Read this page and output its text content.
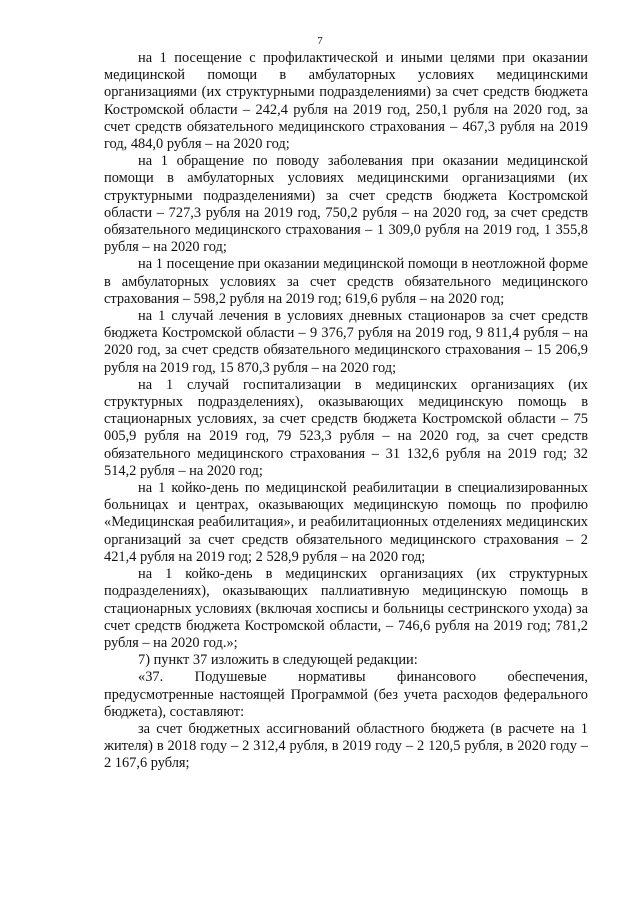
7

на 1 посещение с профилактической и иными целями при оказании медицинской помощи в амбулаторных условиях медицинскими организациями (их структурными подразделениями) за счет средств бюджета Костромской области – 242,4 рубля на 2019 год, 250,1 рубля на 2020 год, за счет средств обязательного медицинского страхования – 467,3 рубля на 2019 год, 484,0 рубля – на 2020 год;

на 1 обращение по поводу заболевания при оказании медицинской помощи в амбулаторных условиях медицинскими организациями (их структурными подразделениями) за счет средств бюджета Костромской области – 727,3 рубля на 2019 год, 750,2 рубля – на 2020 год, за счет средств обязательного медицинского страхования – 1 309,0 рубля на 2019 год, 1 355,8 рубля – на 2020 год;

на 1 посещение при оказании медицинской помощи в неотложной форме в амбулаторных условиях за счет средств обязательного медицинского страхования – 598,2 рубля на 2019 год; 619,6 рубля – на 2020 год;

на 1 случай лечения в условиях дневных стационаров за счет средств бюджета Костромской области – 9 376,7 рубля на 2019 год, 9 811,4 рубля – на 2020 год, за счет средств обязательного медицинского страхования – 15 206,9 рубля на 2019 год, 15 870,3 рубля – на 2020 год;

на 1 случай госпитализации в медицинских организациях (их структурных подразделениях), оказывающих медицинскую помощь в стационарных условиях, за счет средств бюджета Костромской области – 75 005,9 рубля на 2019 год, 79 523,3 рубля – на 2020 год, за счет средств обязательного медицинского страхования – 31 132,6 рубля на 2019 год; 32 514,2 рубля – на 2020 год;

на 1 койко-день по медицинской реабилитации в специализированных больницах и центрах, оказывающих медицинскую помощь по профилю «Медицинская реабилитация», и реабилитационных отделениях медицинских организаций за счет средств обязательного медицинского страхования – 2 421,4 рубля на 2019 год; 2 528,9 рубля – на 2020 год;

на 1 койко-день в медицинских организациях (их структурных подразделениях), оказывающих паллиативную медицинскую помощь в стационарных условиях (включая хосписы и больницы сестринского ухода) за счет средств бюджета Костромской области, – 746,6 рубля на 2019 год; 781,2 рубля – на 2020 год.»;

7) пункт 37 изложить в следующей редакции:

«37. Подушевые нормативы финансового обеспечения, предусмотренные настоящей Программой (без учета расходов федерального бюджета), составляют:

за счет бюджетных ассигнований областного бюджета (в расчете на 1 жителя) в 2018 году – 2 312,4 рубля, в 2019 году – 2 120,5 рубля, в 2020 году – 2 167,6 рубля;
